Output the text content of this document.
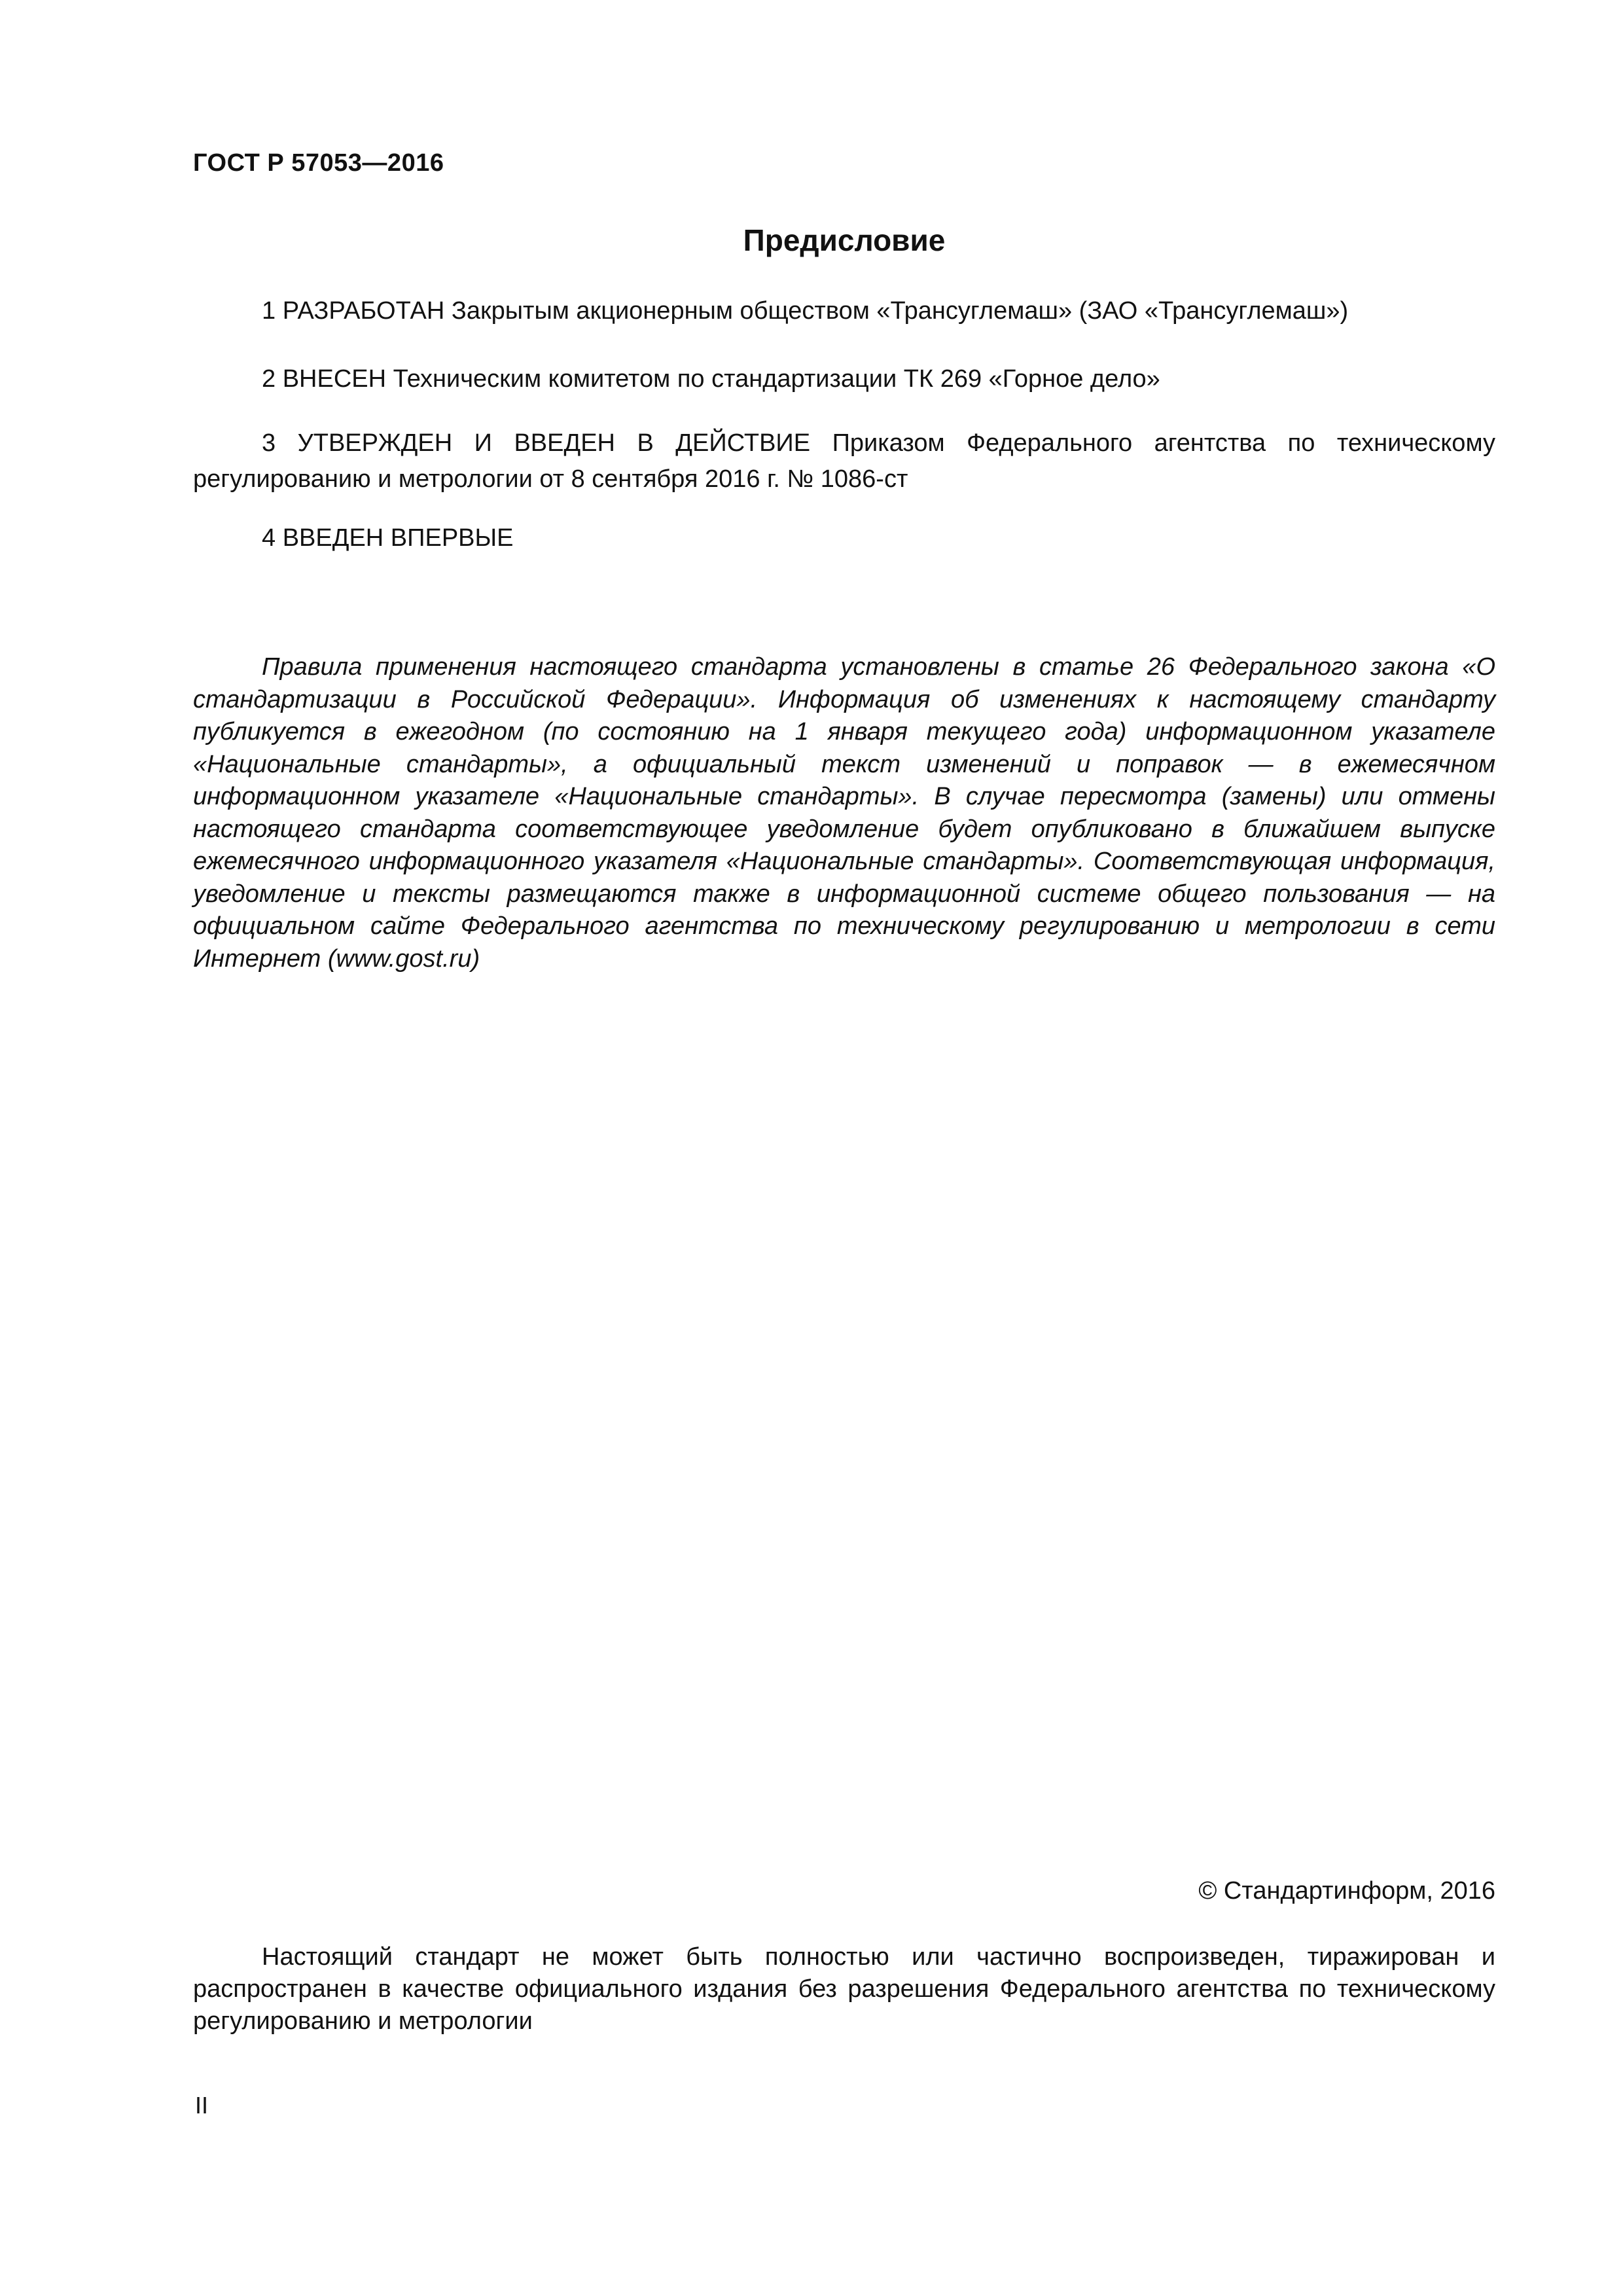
ГОСТ Р 57053—2016
Предисловие

1 РАЗРАБОТАН Закрытым акционерным обществом «Трансуглемаш» (ЗАО «Трансуглемаш»)

2 ВНЕСЕН Техническим комитетом по стандартизации ТК 269 «Горное дело»

3 УТВЕРЖДЕН И ВВЕДЕН В ДЕЙСТВИЕ Приказом Федерального агентства по техническому регулированию и метрологии от 8 сентября 2016 г. № 1086-ст

4 ВВЕДЕН ВПЕРВЫЕ

Правила применения настоящего стандарта установлены в статье 26 Федерального закона «О стандартизации в Российской Федерации». Информация об изменениях к настоящему стандарту публикуется в ежегодном (по состоянию на 1 января текущего года) информационном указателе «Национальные стандарты», а официальный текст изменений и поправок — в ежемесячном информационном указателе «Национальные стандарты». В случае пересмотра (замены) или отмены настоящего стандарта соответствующее уведомление будет опубликовано в ближайшем выпуске ежемесячного информационного указателя «Национальные стандарты». Соответствующая информация, уведомление и тексты размещаются также в информационной системе общего пользования — на официальном сайте Федерального агентства по техническому регулированию и метрологии в сети Интернет (www.gost.ru)

© Стандартинформ, 2016

Настоящий стандарт не может быть полностью или частично воспроизведен, тиражирован и распространен в качестве официального издания без разрешения Федерального агентства по техническому регулированию и метрологии

II
